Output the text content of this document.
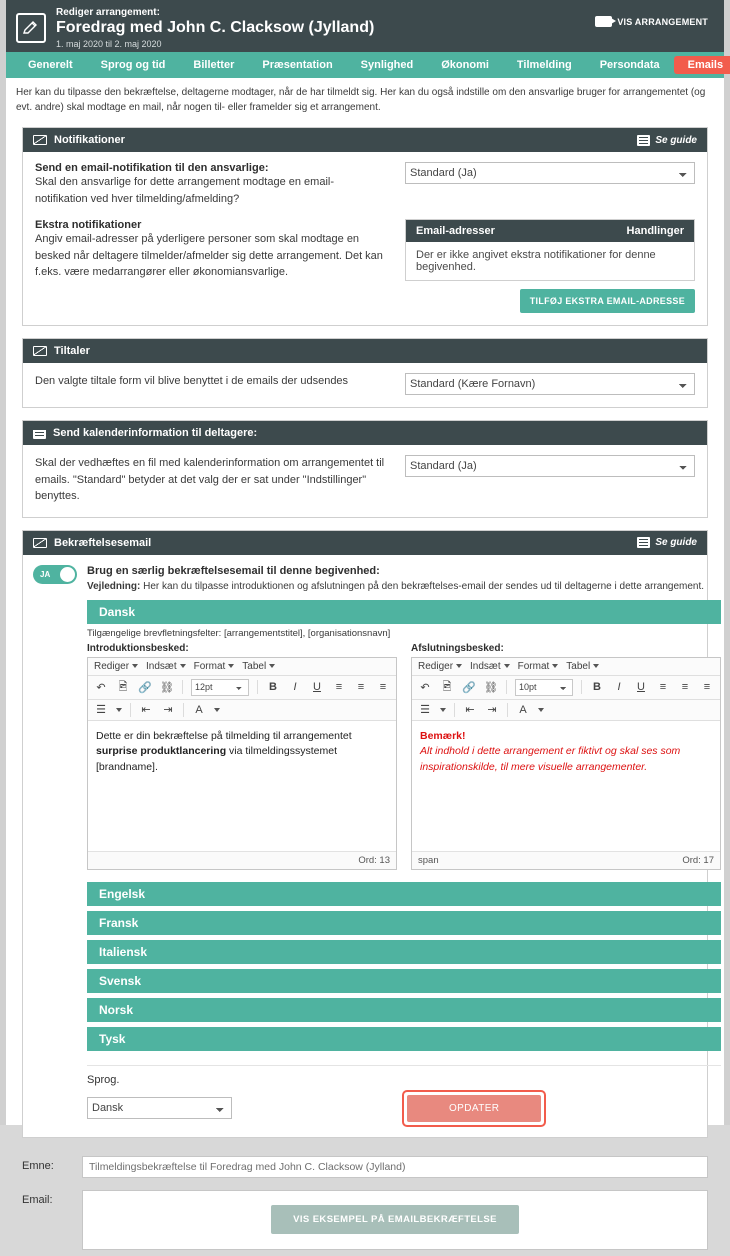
Rediger arrangement:
Foredrag med John C. Clacksow (Jylland)
1. maj 2020 til 2. maj 2020
VIS ARRANGEMENT
Generelt	Sprog og tid	Billetter	Præsentation	Synlighed	Økonomi	Tilmelding	Persondata	Emails
Her kan du tilpasse den bekræftelse, deltagerne modtager, når de har tilmeldt sig. Her kan du også indstille om den ansvarlige bruger for arrangementet (og evt. andre) skal modtage en mail, når nogen til- eller framelder sig et arrangement.
Notifikationer	Se guide
Send en email-notifikation til den ansvarlige:
Skal den ansvarlige for dette arrangement modtage en email-notifikation ved hver tilmelding/afmelding?
Standard (Ja)
Ekstra notifikationer
Angiv email-adresser på yderligere personer som skal modtage en besked når deltagere tilmelder/afmelder sig dette arrangement. Det kan f.eks. være medarrangører eller økonomiansvarlige.
Email-adresser	Handlinger
Der er ikke angivet ekstra notifikationer for denne begivenhed.
TILFØJ EKSTRA EMAIL-ADRESSE
Tiltaler
Den valgte tiltale form vil blive benyttet i de emails der udsendes
Standard (Kære Fornavn)
Send kalenderinformation til deltagere:
Skal der vedhæftes en fil med kalenderinformation om arrangementet til emails. "Standard" betyder at det valg der er sat under "Indstillinger" benyttes.
Standard (Ja)
Bekræftelsesemail	Se guide
JA	Brug en særlig bekræftelsesemail til denne begivenhed:
Vejledning: Her kan du tilpasse introduktionen og afslutningen på den bekræftelses-email der sendes ud til deltagerne i dette arrangement.
Dansk
Tilgængelige brevfletningsfelter: [arrangementstitel], [organisationsnavn]
Introduktionsbesked:
Rediger Indsæt Format Tabel
↶ 🖻 🔗 ⛓
12pt	B	I	U	≡	≡	≡
☰	⇤ ⇥	A
Dette er din bekræftelse på tilmelding til arrangementet surprise produktlancering via tilmeldingssystemet [brandname].
Ord: 13
Afslutningsbesked:
Rediger Indsæt Format Tabel
↶ 🖻 🔗 ⛓
10pt	B	I	U	≡	≡	≡
☰	⇤ ⇥	A
Bemærk!
Alt indhold i dette arrangement er fiktivt og skal ses som inspirationskilde, til mere visuelle arrangementer.
span	Ord: 17
Engelsk
Fransk
Italiensk
Svensk
Norsk
Tysk
Sprog.
Dansk
OPDATER
Emne:
Tilmeldingsbekræftelse til Foredrag med John C. Clacksow (Jylland)
Email:
VIS EKSEMPEL PÅ EMAILBEKRÆFTELSE
